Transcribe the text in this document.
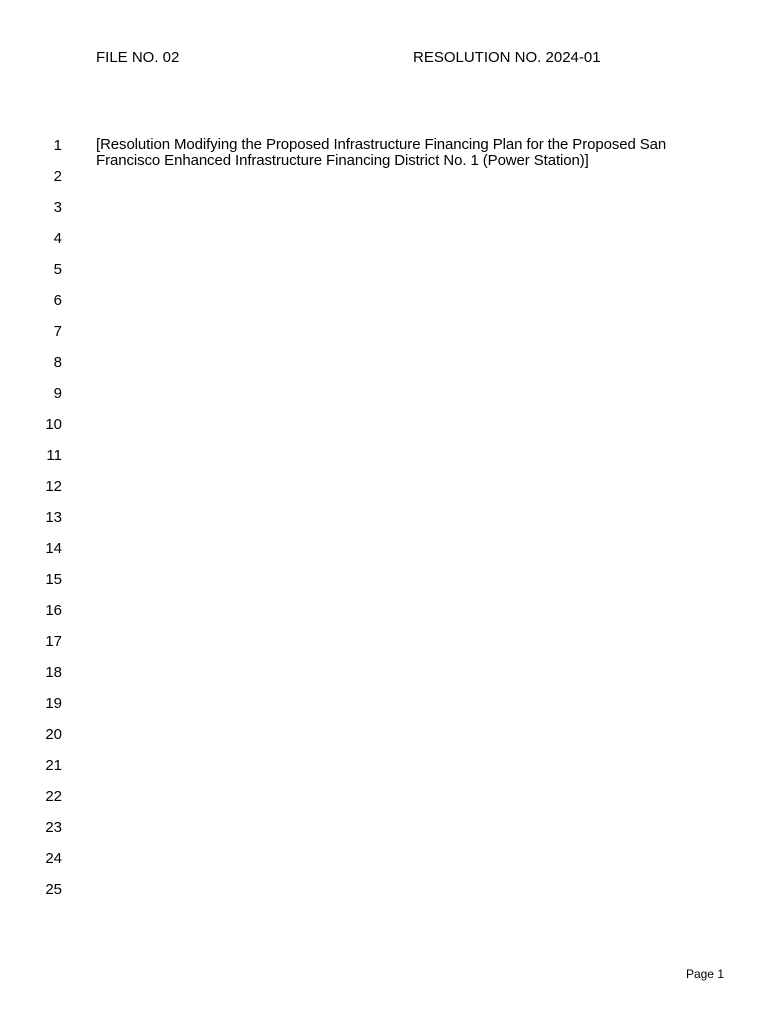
FILE NO. 02	RESOLUTION NO. 2024-01
1
2
3
4
5
6
7
8
9
10
11
12
13
14
15
16
17
18
19
20
21
22
23
24
25
[Resolution Modifying the Proposed Infrastructure Financing Plan for the Proposed San
Francisco Enhanced Infrastructure Financing District No. 1 (Power Station)]
Page 1
